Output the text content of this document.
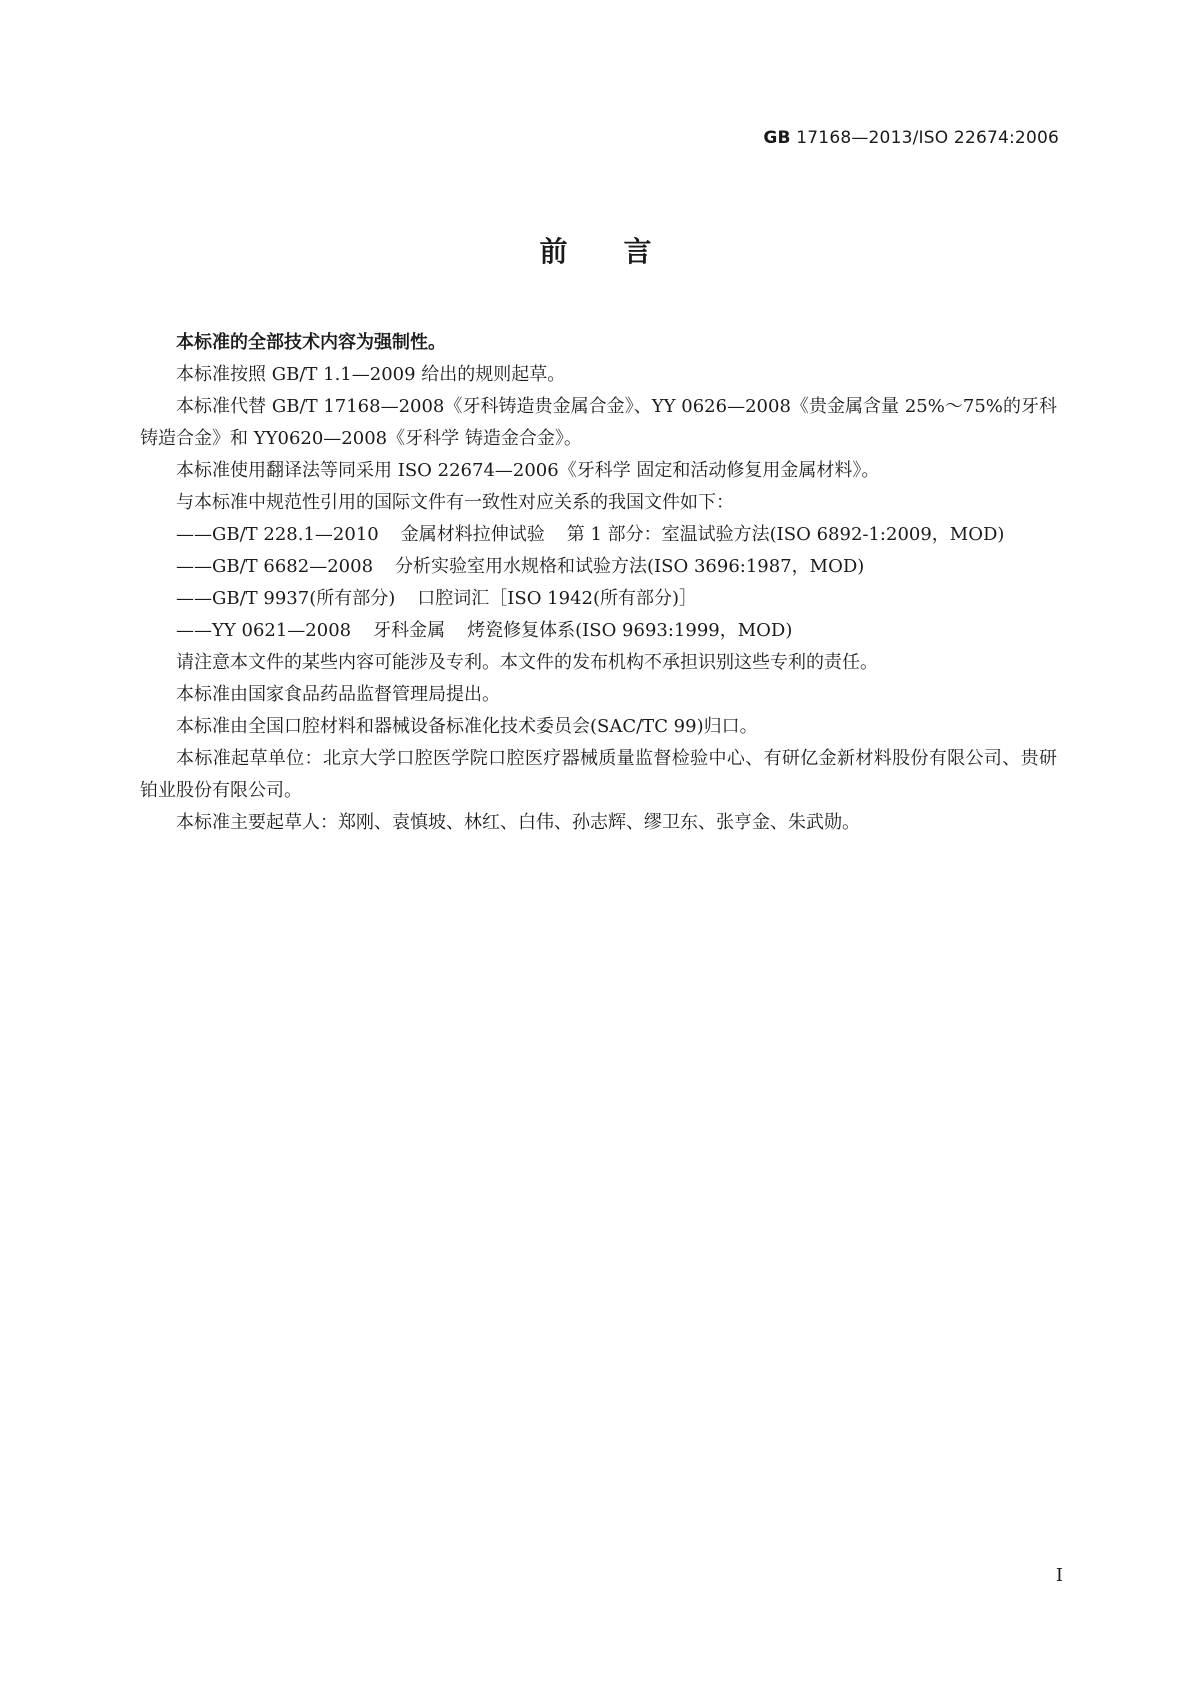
GB 17168—2013/ISO 22674:2006
前言

本标准的全部技术内容为强制性。

本标准按照 GB/T 1.1—2009 给出的规则起草。

本标准代替 GB/T 17168—2008《牙科铸造贵金属合金》、YY 0626—2008《贵金属含量 25%～75%的牙科铸造合金》和 YY0620—2008《牙科学 铸造金合金》。

本标准使用翻译法等同采用 ISO 22674—2006《牙科学 固定和活动修复用金属材料》。

与本标准中规范性引用的国际文件有一致性对应关系的我国文件如下：

——GB/T 228.1—2010 金属材料拉伸试验 第 1 部分：室温试验方法(ISO 6892-1:2009，MOD)

——GB/T 6682—2008 分析实验室用水规格和试验方法(ISO 3696:1987，MOD)

——GB/T 9937(所有部分) 口腔词汇［ISO 1942(所有部分)］

——YY 0621—2008 牙科金属 烤瓷修复体系(ISO 9693:1999，MOD)

请注意本文件的某些内容可能涉及专利。本文件的发布机构不承担识别这些专利的责任。

本标准由国家食品药品监督管理局提出。

本标准由全国口腔材料和器械设备标准化技术委员会(SAC/TC 99)归口。

本标准起草单位：北京大学口腔医学院口腔医疗器械质量监督检验中心、有研亿金新材料股份有限公司、贵研铂业股份有限公司。

本标准主要起草人：郑刚、袁慎坡、林红、白伟、孙志辉、缪卫东、张亨金、朱武勋。

I
